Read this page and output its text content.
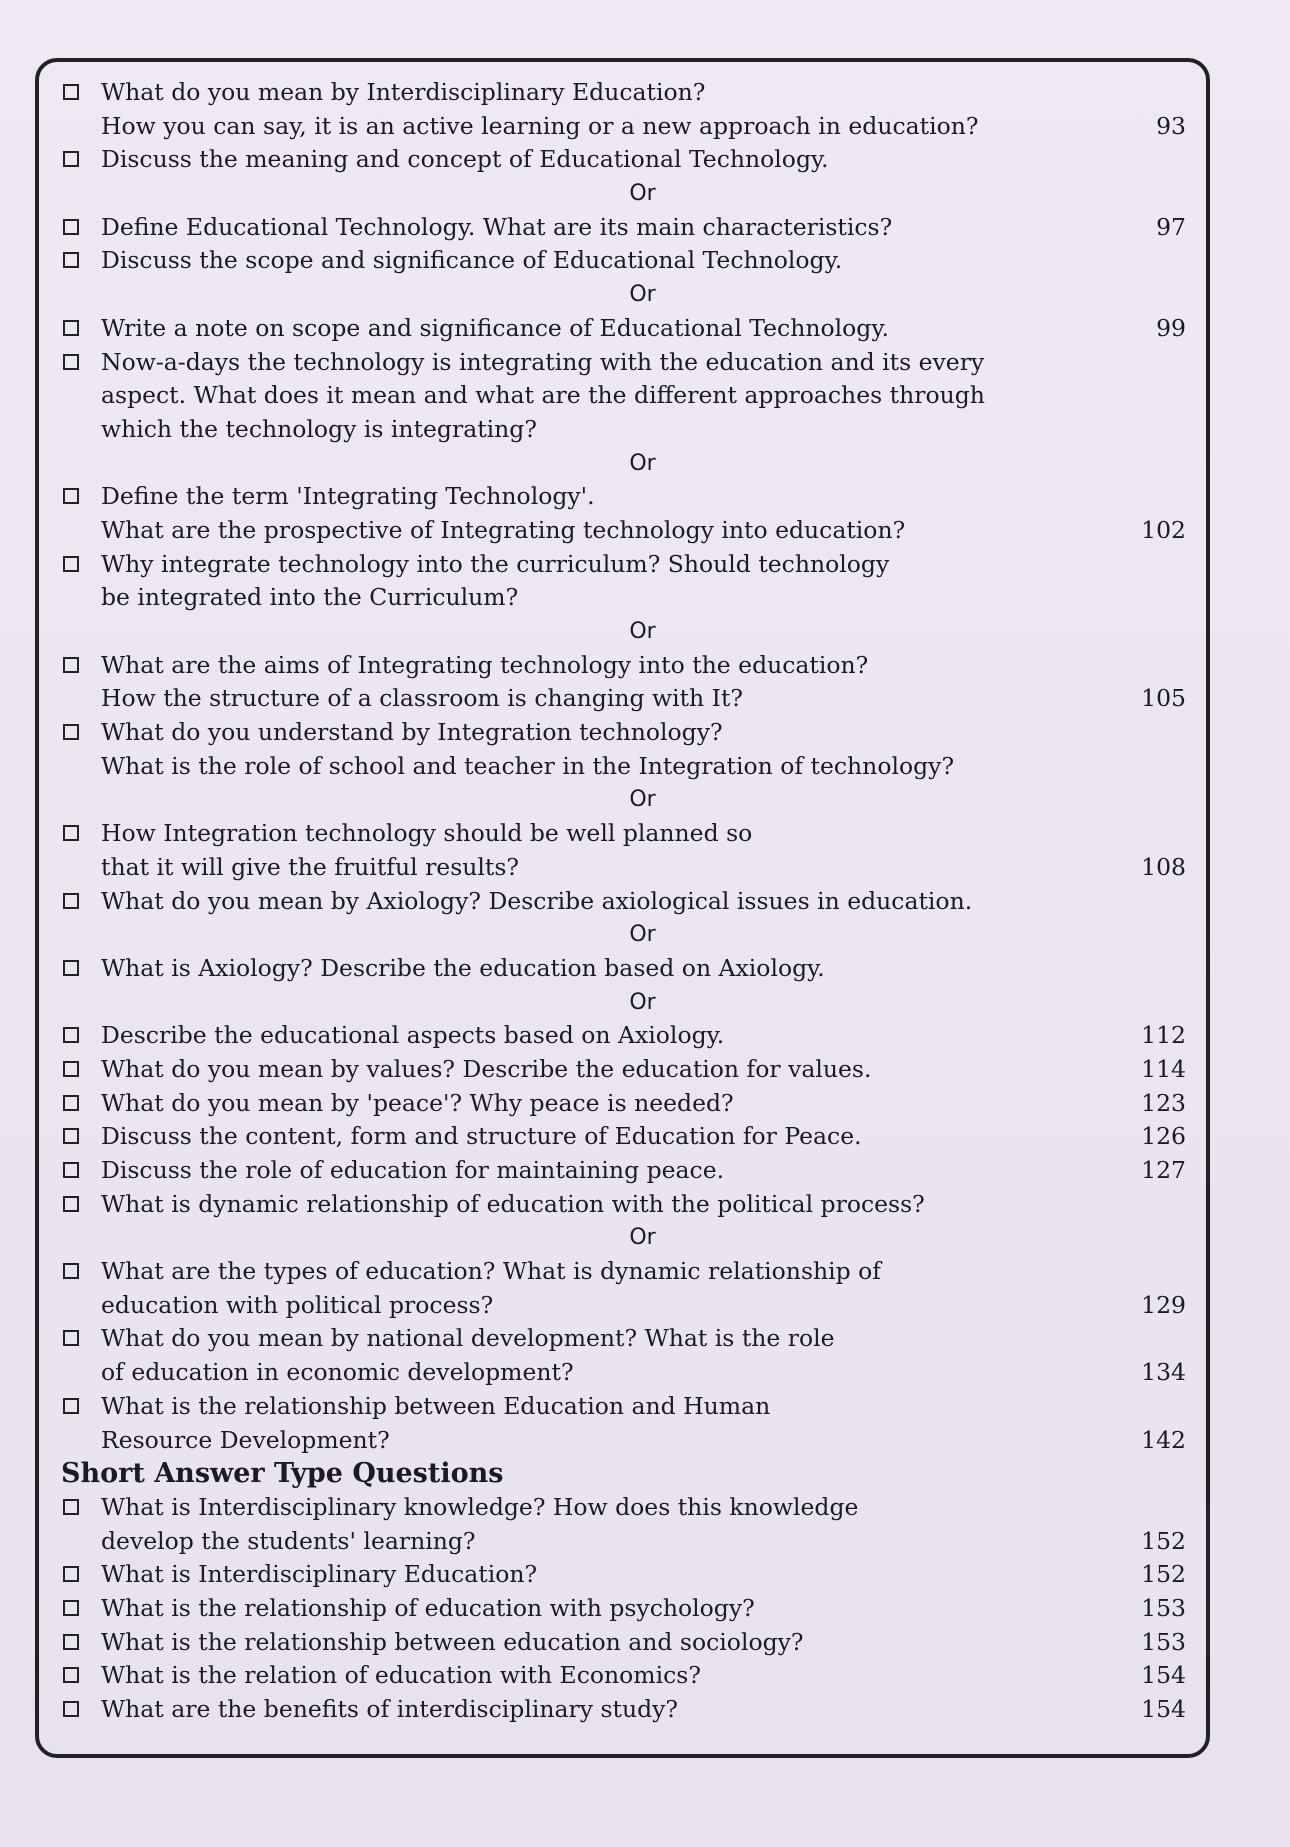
What do you mean by Interdisciplinary Education?
How you can say, it is an active learning or a new approach in education?	93
Discuss the meaning and concept of Educational Technology.
Or
Define Educational Technology. What are its main characteristics?	97
Discuss the scope and significance of Educational Technology.
Or
Write a note on scope and significance of Educational Technology.	99
Now-a-days the technology is integrating with the education and its every
aspect. What does it mean and what are the different approaches through
which the technology is integrating?
Or
Define the term 'Integrating Technology'.
What are the prospective of Integrating technology into education?	102
Why integrate technology into the curriculum? Should technology
be integrated into the Curriculum?
Or
What are the aims of Integrating technology into the education?
How the structure of a classroom is changing with It?	105
What do you understand by Integration technology?
What is the role of school and teacher in the Integration of technology?
Or
How Integration technology should be well planned so
that it will give the fruitful results?	108
What do you mean by Axiology? Describe axiological issues in education.
Or
What is Axiology? Describe the education based on Axiology.
Or
Describe the educational aspects based on Axiology.	112
What do you mean by values? Describe the education for values.	114
What do you mean by 'peace'? Why peace is needed?	123
Discuss the content, form and structure of Education for Peace.	126
Discuss the role of education for maintaining peace.	127
What is dynamic relationship of education with the political process?
Or
What are the types of education? What is dynamic relationship of
education with political process?	129
What do you mean by national development? What is the role
of education in economic development?	134
What is the relationship between Education and Human
Resource Development?	142
Short Answer Type Questions
What is Interdisciplinary knowledge? How does this knowledge
develop the students' learning?	152
What is Interdisciplinary Education?	152
What is the relationship of education with psychology?	153
What is the relationship between education and sociology?	153
What is the relation of education with Economics?	154
What are the benefits of interdisciplinary study?	154
